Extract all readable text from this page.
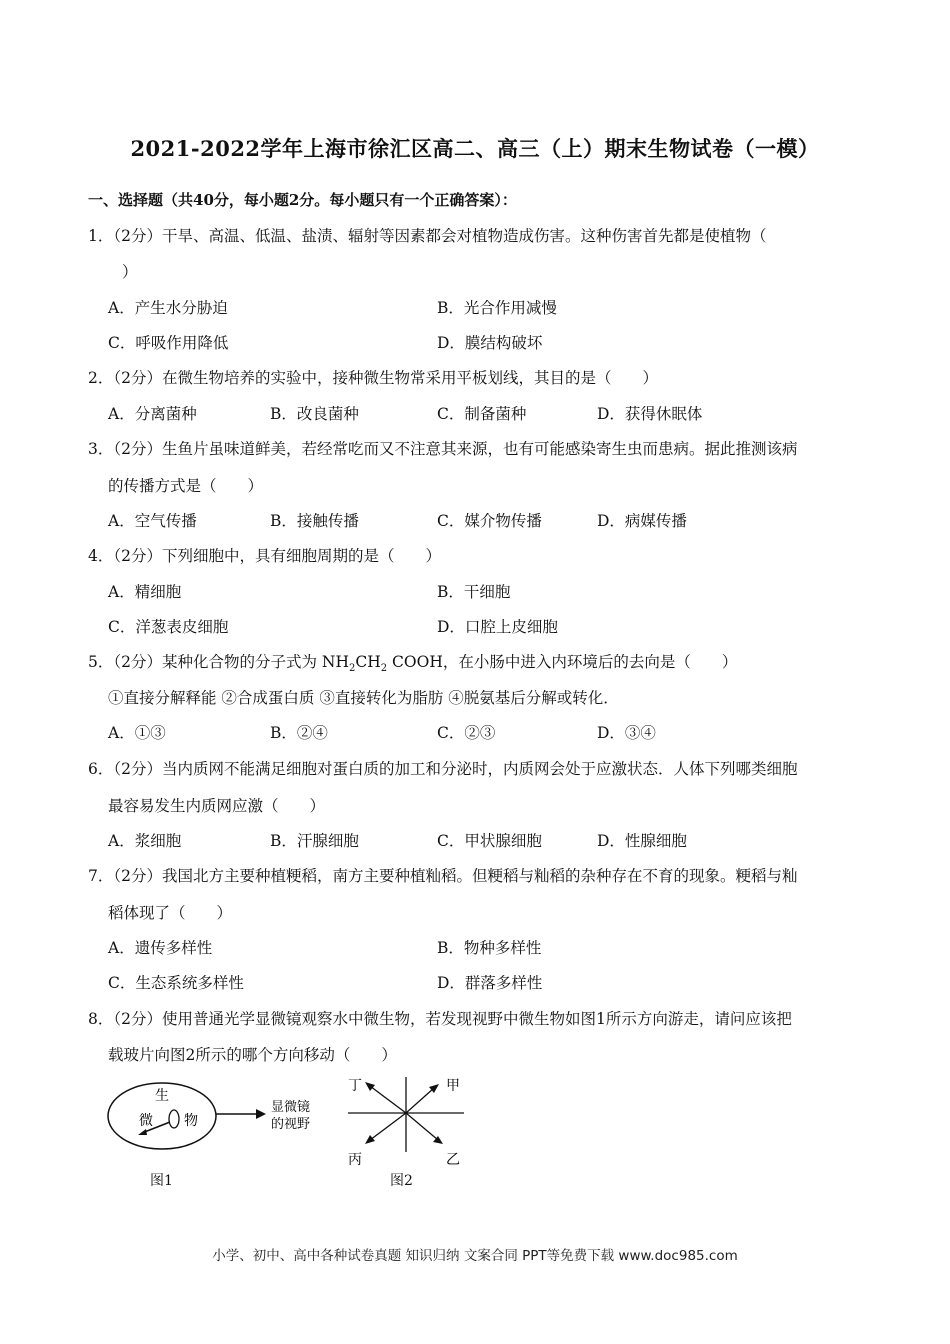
2021-2022学年上海市徐汇区高二、高三（上）期末生物试卷（一模）
一、选择题（共40分，每小题2分。每小题只有一个正确答案）：
1．（2分）干旱、高温、低温、盐渍、辐射等因素都会对植物造成伤害。这种伤害首先都是使植物（
）
A．产生水分胁迫	B．光合作用减慢
C．呼吸作用降低	D．膜结构破坏
2．（2分）在微生物培养的实验中，接种微生物常采用平板划线，其目的是（　　）
A．分离菌种	B．改良菌种	C．制备菌种	D．获得休眠体
3．（2分）生鱼片虽味道鲜美，若经常吃而又不注意其来源，也有可能感染寄生虫而患病。据此推测该病
的传播方式是（　　）
A．空气传播	B．接触传播	C．媒介物传播	D．病媒传播
4．（2分）下列细胞中，具有细胞周期的是（　　）
A．精细胞	B．干细胞
C．洋葱表皮细胞	D．口腔上皮细胞
5．（2分）某种化合物的分子式为 $NH_2CH_2$ COOH，在小肠中进入内环境后的去向是（　　）
①直接分解释能 ②合成蛋白质 ③直接转化为脂肪 ④脱氨基后分解或转化．
A．①③	B．②④	C．②③	D．③④
6．（2分）当内质网不能满足细胞对蛋白质的加工和分泌时，内质网会处于应激状态．人体下列哪类细胞
最容易发生内质网应激（　　）
A．浆细胞	B．汗腺细胞	C．甲状腺细胞	D．性腺细胞
7．（2分）我国北方主要种植粳稻，南方主要种植籼稻。但粳稻与籼稻的杂种存在不育的现象。粳稻与籼
稻体现了（　　）
A．遗传多样性	B．物种多样性
C．生态系统多样性	D．群落多样性
8．（2分）使用普通光学显微镜观察水中微生物，若发现视野中微生物如图1所示方向游走，请问应该把
载玻片向图2所示的哪个方向移动（　　）
生
微 物
显微镜
的视野
图1
丁	甲
丙	乙
图2
小学、初中、高中各种试卷真题 知识归纳 文案合同 PPT等免费下载 www.doc985.com
